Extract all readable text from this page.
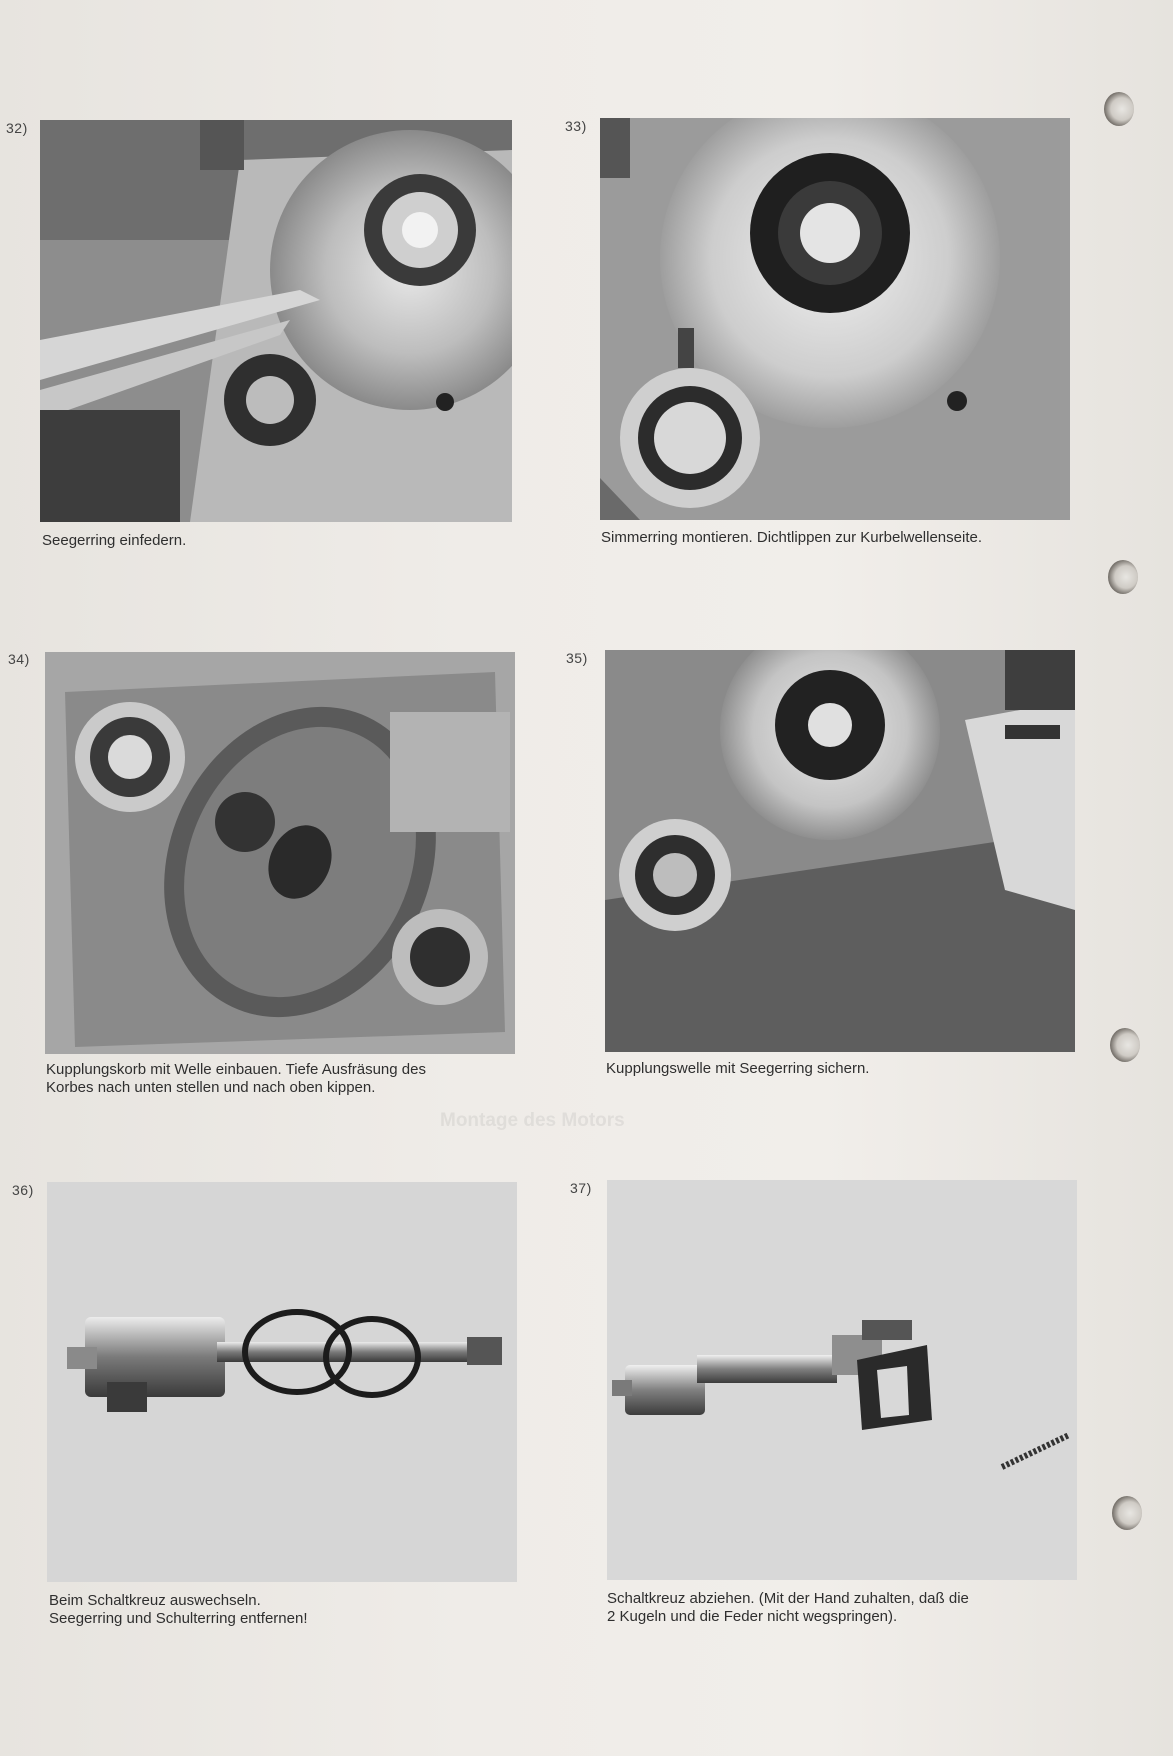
Montage des Motors
32)
Seegerring einfedern.
33)
Simmerring montieren. Dichtlippen zur Kurbelwellenseite.
34)
Kupplungskorb mit Welle einbauen. Tiefe Ausfräsung des
Korbes nach unten stellen und nach oben kippen.
35)
Kupplungswelle mit Seegerring sichern.
36)
Beim Schaltkreuz auswechseln.
Seegerring und Schulterring entfernen!
37)
Schaltkreuz abziehen. (Mit der Hand zuhalten, daß die
2 Kugeln und die Feder nicht wegspringen).
